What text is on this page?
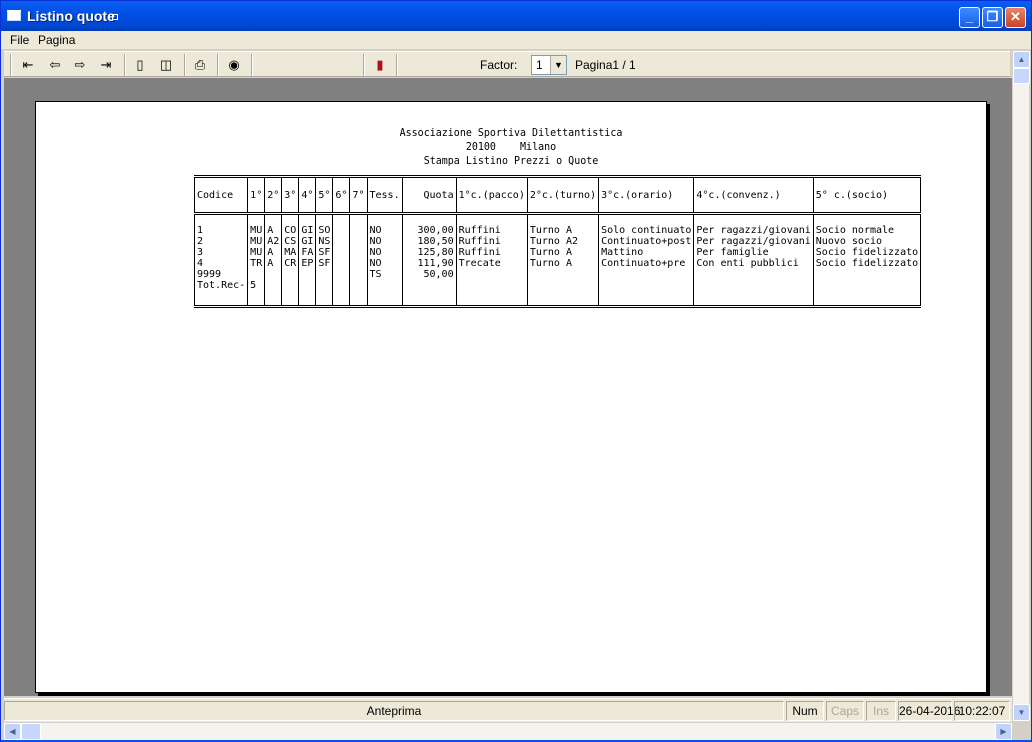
Listino quote	_	❐ ✕
File Pagina
⇤	⇦	⇨	⇥	▯	◫	⎙	◉	▮	Factor:	1	▼ Pagina1 / 1
Associazione Sportiva Dilettantistica
20100    Milano
Stampa Listino Prezzi o Quote
Codice	1°	2°	3°	4°	5°	6°	7°	Tess.	Quota	1°c.(pacco)	2°c.(turno)	3°c.(orario)	4°c.(convenz.)	5° c.(socio)
1	MU	A	CO	GI	SO			NO	300,00	Ruffini	Turno A	Solo continuato	Per ragazzi/giovani	Socio normale
2	MU	A2	CS	GI	NS			NO	180,50	Ruffini	Turno A2	Continuato+post	Per ragazzi/giovani	Nuovo socio
3	MU	A	MA	FA	SF			NO	125,80	Ruffini	Turno A	Mattino	Per famiglie	Socio fidelizzato
4	TR	A	CR	EP	SF			NO	111,90	Trecate	Turno A	Continuato+pre	Con enti pubblici	Socio fidelizzato
9999								TS	50,00					
Tot.Rec-	5													
▲
▼
Anteprima	Num	Caps	Ins 26-04-2016
10:22:07
◀	▶
